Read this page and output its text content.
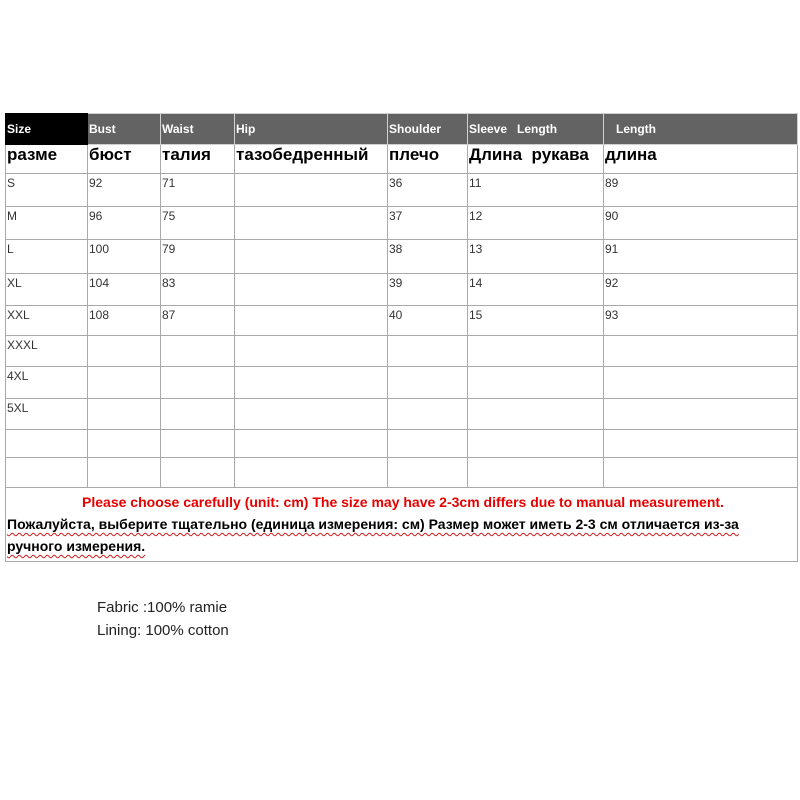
Size	Bust	Waist	Hip	Shoulder	Sleeve   Length	Length
разме	бюст	талия	тазобедренный	плечо	Длина  рукава	длина
S	92	71		36	11	89
M	96	75		37	12	90
L	100	79		38	13	91
XL	104	83		39	14	92
XXL	108	87		40	15	93
XXXL						
4XL						
5XL						

Please choose carefully (unit: cm) The size may have 2-3cm differs due to manual measurement.
Пожалуйста, выберите тщательно (единица измерения: см) Размер может иметь 2-3 см отличается из-за ручного измерения.						
Fabric :100% ramie
Lining: 100% cotton
